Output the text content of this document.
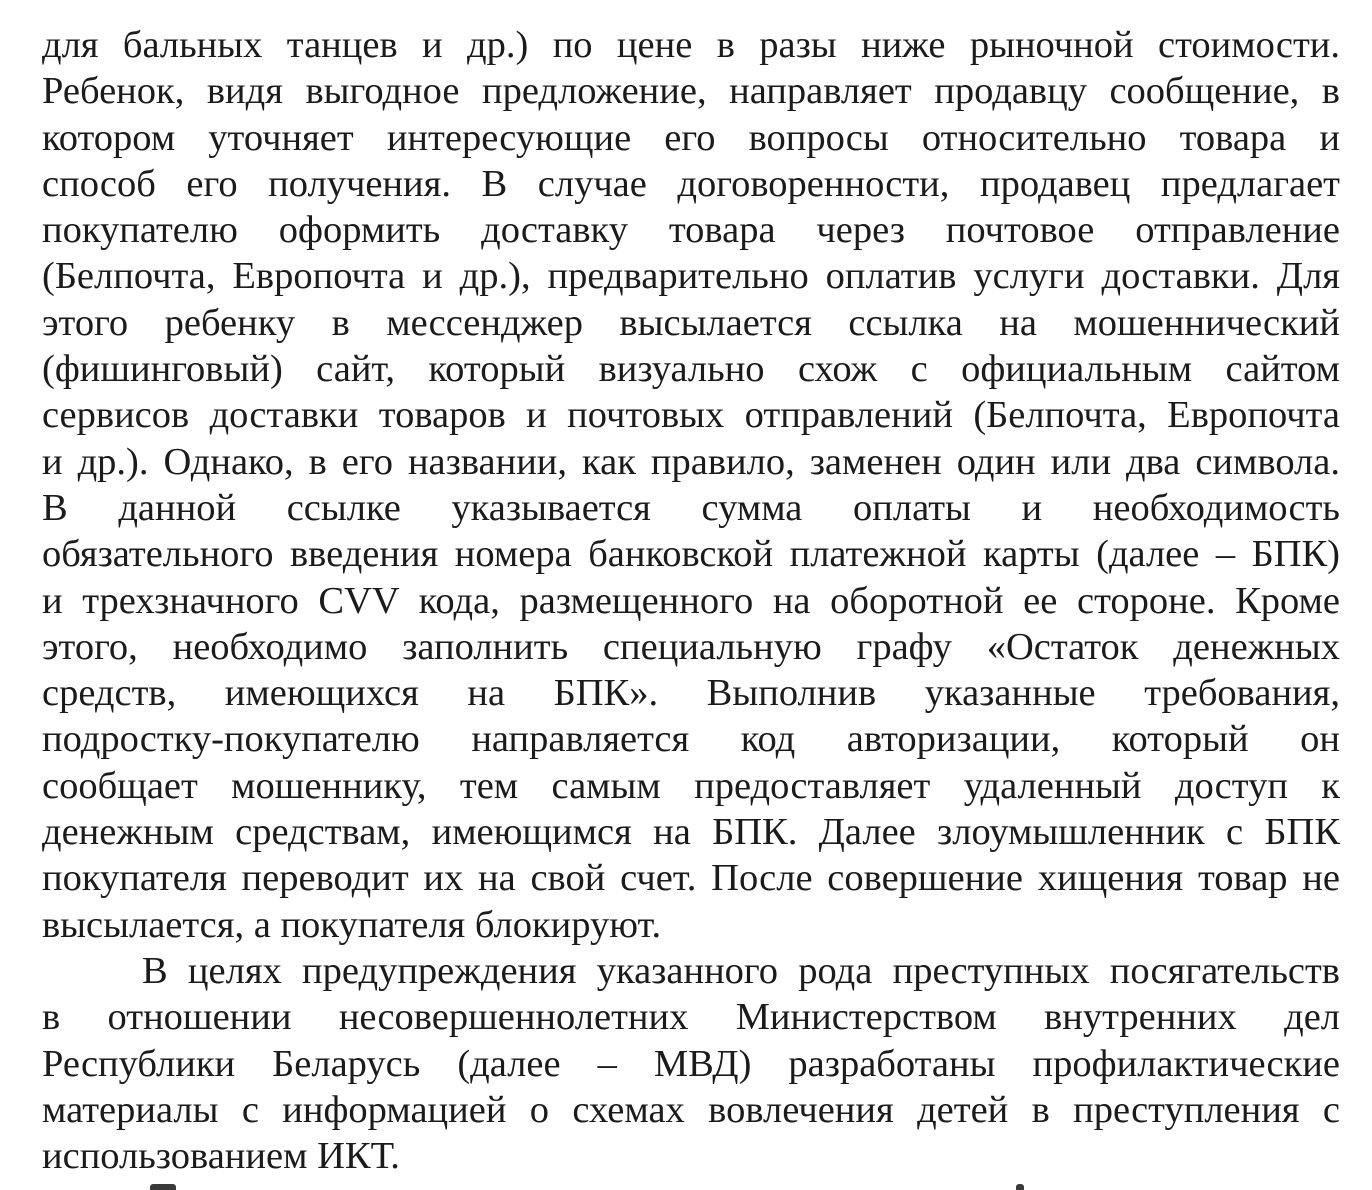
для бальных танцев и др.) по цене в разы ниже рыночной стоимости.
Ребенок, видя выгодное предложение, направляет продавцу сообщение, в
котором уточняет интересующие его вопросы относительно товара и
способ его получения. В случае договоренности, продавец предлагает
покупателю оформить доставку товара через почтовое отправление
(Белпочта, Европочта и др.), предварительно оплатив услуги доставки. Для
этого ребенку в мессенджер высылается ссылка на мошеннический
(фишинговый) сайт, который визуально схож с официальным сайтом
сервисов доставки товаров и почтовых отправлений (Белпочта, Европочта
и др.). Однако, в его названии, как правило, заменен один или два символа.
В данной ссылке указывается сумма оплаты и необходимость
обязательного введения номера банковской платежной карты (далее – БПК)
и трехзначного CVV кода, размещенного на оборотной ее стороне. Кроме
этого, необходимо заполнить специальную графу «Остаток денежных
средств, имеющихся на БПК». Выполнив указанные требования,
подростку-покупателю направляется код авторизации, который он
сообщает мошеннику, тем самым предоставляет удаленный доступ к
денежным средствам, имеющимся на БПК. Далее злоумышленник с БПК
покупателя переводит их на свой счет. После совершение хищения товар не
высылается, а покупателя блокируют.
В целях предупреждения указанного рода преступных посягательств
в отношении несовершеннолетних Министерством внутренних дел
Республики Беларусь (далее – МВД) разработаны профилактические
материалы с информацией о схемах вовлечения детей в преступления с
использованием ИКТ.
